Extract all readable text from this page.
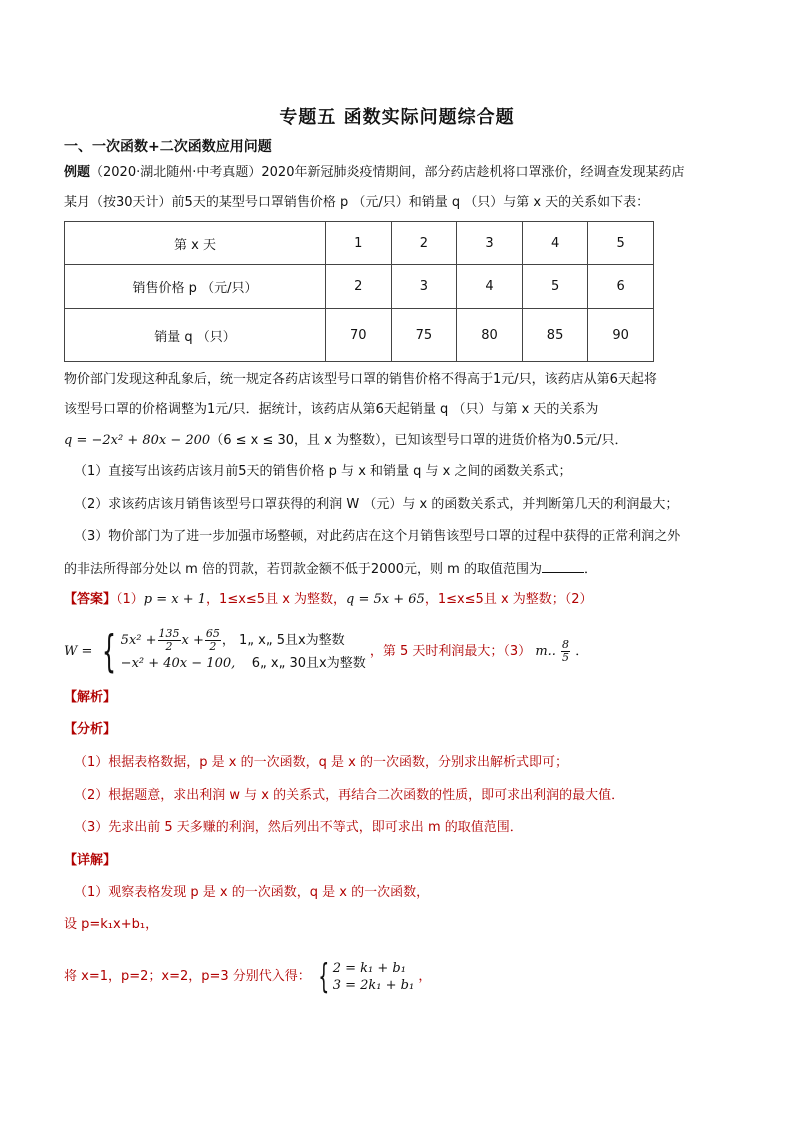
专题五 函数实际问题综合题
一、一次函数+二次函数应用问题
例题（2020·湖北随州·中考真题）2020年新冠肺炎疫情期间，部分药店趁机将口罩涨价，经调查发现某药店
某月（按30天计）前5天的某型号口罩销售价格 p （元/只）和销量 q （只）与第 x 天的关系如下表：
第 x 天	1	2	3	4	5
销售价格 p （元/只）	2	3	4	5	6
销量 q （只）	70	75	80	85	90
物价部门发现这种乱象后，统一规定各药店该型号口罩的销售价格不得高于1元/只，该药店从第6天起将
该型号口罩的价格调整为1元/只．据统计，该药店从第6天起销量 q （只）与第 x 天的关系为
q = −2x² + 80x − 200（6 ≤ x ≤ 30，且 x 为整数），已知该型号口罩的进货价格为0.5元/只．
（1）直接写出该药店该月前5天的销售价格 p 与 x 和销量 q 与 x 之间的函数关系式；
（2）求该药店该月销售该型号口罩获得的利润 W （元）与 x 的函数关系式，并判断第几天的利润最大；
（3）物价部门为了进一步加强市场整顿，对此药店在这个月销售该型号口罩的过程中获得的正常利润之外
的非法所得部分处以 m 倍的罚款，若罚款金额不低于2000元，则 m 的取值范围为	．
【答案】（1）p = x + 1，1≤x≤5且 x 为整数，q = 5x + 65，1≤x≤5且 x 为整数；（2）
W = { $5x^2 + \frac{135}{2}$ $x + \frac{65}{2}$ ， 1„ x„ 5且x为整数
−x² + 40x − 100, 6„ x„ 30且x为整数
，第 5 天时利润最大；（3） m.. $\frac{8}{5}$ ．
【解析】
【分析】
（1）根据表格数据，p 是 x 的一次函数，q 是 x 的一次函数，分别求出解析式即可；
（2）根据题意，求出利润 w 与 x 的关系式，再结合二次函数的性质，即可求出利润的最大值．
（3）先求出前 5 天多赚的利润，然后列出不等式，即可求出 m 的取值范围．
【详解】
（1）观察表格发现 p 是 x 的一次函数，q 是 x 的一次函数，
设 p=k₁x+b₁，
将 x=1，p=2；x=2，p=3 分别代入得： { 2 = k₁ + b₁
3 = 2k₁ + b₁
，
